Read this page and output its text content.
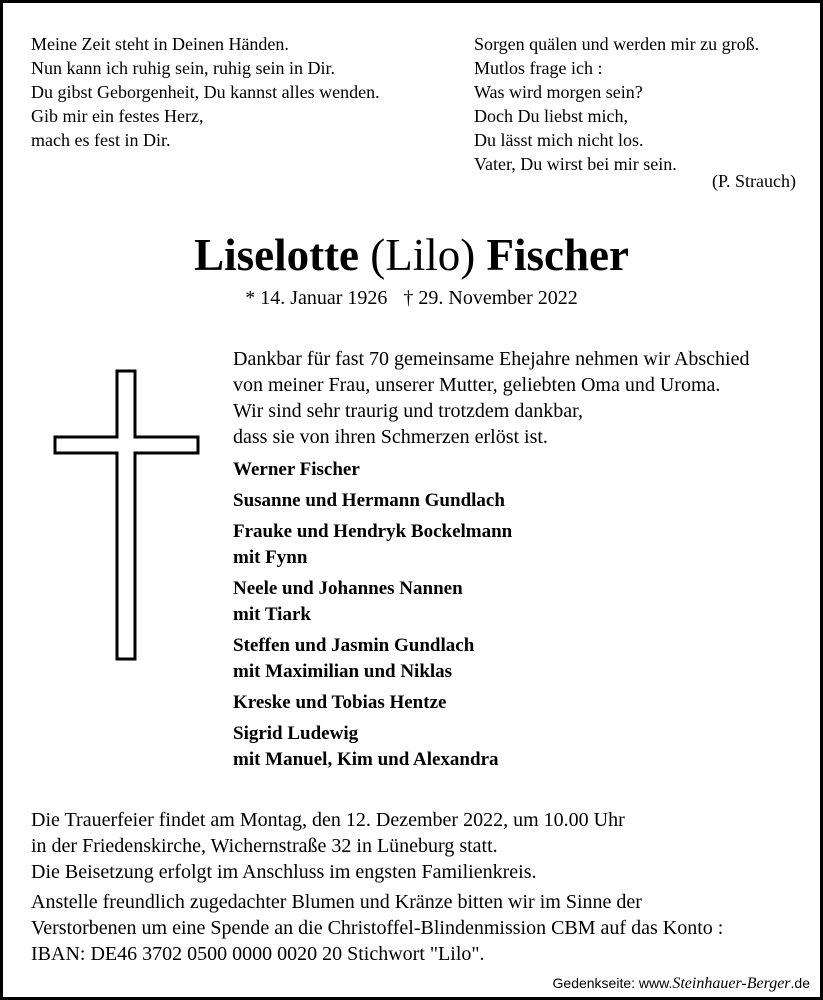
Meine Zeit steht in Deinen Händen.
Nun kann ich ruhig sein, ruhig sein in Dir.
Du gibst Geborgenheit, Du kannst alles wenden.
Gib mir ein festes Herz,
mach es fest in Dir.
Sorgen quälen und werden mir zu groß.
Mutlos frage ich :
Was wird morgen sein?
Doch Du liebst mich,
Du lässt mich nicht los.
Vater, Du wirst bei mir sein.
(P. Strauch)
Liselotte (Lilo) Fischer
* 14. Januar 1926 † 29. November 2022
Dankbar für fast 70 gemeinsame Ehejahre nehmen wir Abschied
von meiner Frau, unserer Mutter, geliebten Oma und Uroma.
Wir sind sehr traurig und trotzdem dankbar,
dass sie von ihren Schmerzen erlöst ist.
Werner Fischer
Susanne und Hermann Gundlach
Frauke und Hendryk Bockelmann
mit Fynn
Neele und Johannes Nannen
mit Tiark
Steffen und Jasmin Gundlach
mit Maximilian und Niklas
Kreske und Tobias Hentze
Sigrid Ludewig
mit Manuel, Kim und Alexandra
Die Trauerfeier findet am Montag, den 12. Dezember 2022, um 10.00 Uhr
in der Friedenskirche, Wichernstraße 32 in Lüneburg statt.
Die Beisetzung erfolgt im Anschluss im engsten Familienkreis.
Anstelle freundlich zugedachter Blumen und Kränze bitten wir im Sinne der
Verstorbenen um eine Spende an die Christoffel-Blindenmission CBM auf das Konto :
IBAN: DE46 3702 0500 0000 0020 20 Stichwort "Lilo".
Gedenkseite: www.Steinhauer-Berger.de
